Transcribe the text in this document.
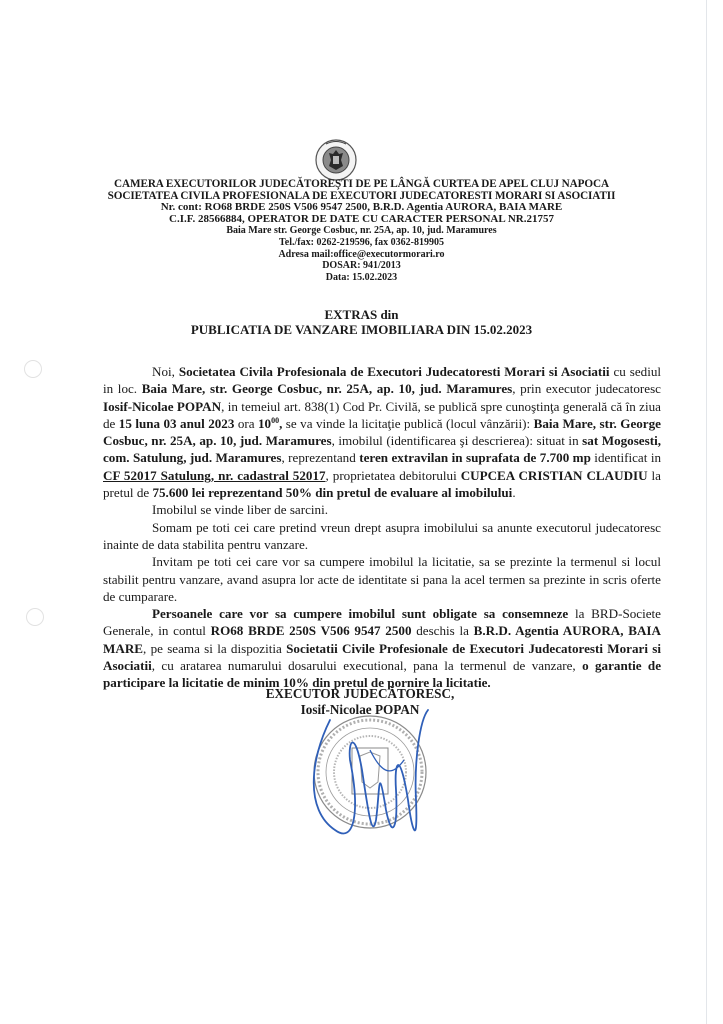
CAMERA EXECUTORILOR JUDECĂTOREŞTI DE PE LÂNGĂ CURTEA DE APEL CLUJ NAPOCA
SOCIETATEA CIVILA PROFESIONALA DE EXECUTORI JUDECATORESTI MORARI SI ASOCIATII
Nr. cont: RO68 BRDE 250S V506 9547 2500, B.R.D. Agentia AURORA, BAIA MARE
C.I.F. 28566884, OPERATOR DE DATE CU CARACTER PERSONAL NR.21757
Baia Mare str. George Cosbuc, nr. 25A, ap. 10, jud. Maramures
Tel./fax: 0262-219596, fax 0362-819905
Adresa mail:office@executormorari.ro
DOSAR: 941/2013
Data: 15.02.2023
EXTRAS din
PUBLICATIA DE VANZARE IMOBILIARA DIN 15.02.2023

Noi, Societatea Civila Profesionala de Executori Judecatoresti Morari si Asociatii cu sediul in loc. Baia Mare, str. George Cosbuc, nr. 25A, ap. 10, jud. Maramures, prin executor judecatoresc Iosif-Nicolae POPAN, in temeiul art. 838(1) Cod Pr. Civilă, se publică spre cunoştinţa generală că în ziua de 15 luna 03 anul 2023 ora $10^{00}$, se va vinde la licitaţie publică (locul vânzării): Baia Mare, str. George Cosbuc, nr. 25A, ap. 10, jud. Maramures, imobilul (identificarea şi descrierea): situat in sat Mogosesti, com. Satulung, jud. Maramures, reprezentand teren extravilan in suprafata de 7.700 mp identificat in CF 52017 Satulung, nr. cadastral 52017, proprietatea debitorului CUPCEA CRISTIAN CLAUDIU la pretul de 75.600 lei reprezentand 50% din pretul de evaluare al imobilului.

Imobilul se vinde liber de sarcini.

Somam pe toti cei care pretind vreun drept asupra imobilului sa anunte executorul judecatoresc inainte de data stabilita pentru vanzare.

Invitam pe toti cei care vor sa cumpere imobilul la licitatie, sa se prezinte la termenul si locul stabilit pentru vanzare, avand asupra lor acte de identitate si pana la acel termen sa prezinte in scris oferte de cumparare.

Persoanele care vor sa cumpere imobilul sunt obligate sa consemneze la BRD-Societe Generale, in contul RO68 BRDE 250S V506 9547 2500 deschis la B.R.D. Agentia AURORA, BAIA MARE, pe seama si la dispozitia Societatii Civile Profesionale de Executori Judecatoresti Morari si Asociatii, cu aratarea numarului dosarului executional, pana la termenul de vanzare, o garantie de participare la licitatie de minim 10% din pretul de pornire la licitatie.

EXECUTOR JUDECĂTORESC,
Iosif-Nicolae POPAN
